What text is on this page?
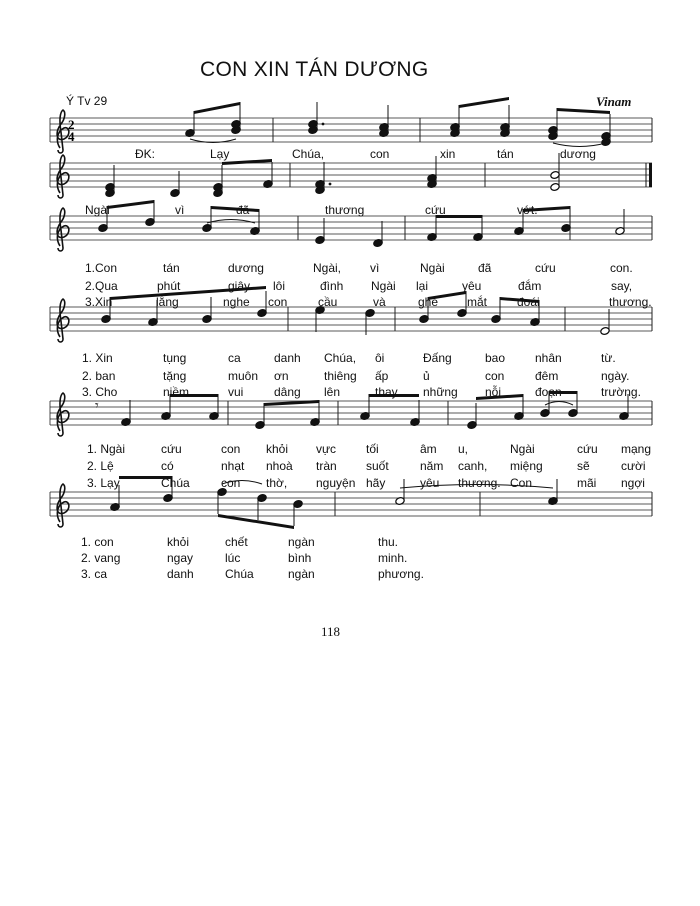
CON XIN TÁN DƯƠNG
Ý Tv 29	Vinam
2
4
𝄾
ĐK:	Lạy	Chúa,	con	xin	tán	dương
Ngài	vì	đã	thương	cứu	vớt.
1.Con	tán	dương	Ngài, vì	Ngài	đã	cứu	con.
2.Qua	phút	giây lôi	đình Ngài lại	yêu	đắm	say,
3.Xin	lắng	nghe con	cầu	và	ghé mắt đoái	thương.
1. Xin	tụng	ca	danh Chúa, ôi	Đấng	bao nhân	từ.
2. ban	tặng	muôn ơn	thiêng ấp	ủ	con	đêm	ngày.
3. Cho	niềm	vui	dâng lên	thay những nỗi	đoạn	trường.
1. Ngài	cứu	con khỏi vực tối	âm u,	Ngài	cứu mạng
2. Lệ	có	nhạt nhoà tràn suốt	năm canh, miệng	sẽ	cười
3. Lạy	Chúa	con thờ, nguyện hãy	yêu thương. Con	mãi ngợi
1. con	khỏi	chết	ngàn	thu.
2. vang	ngay	lúc	bình	minh.
3. ca	danh	Chúa	ngàn	phương.
118
